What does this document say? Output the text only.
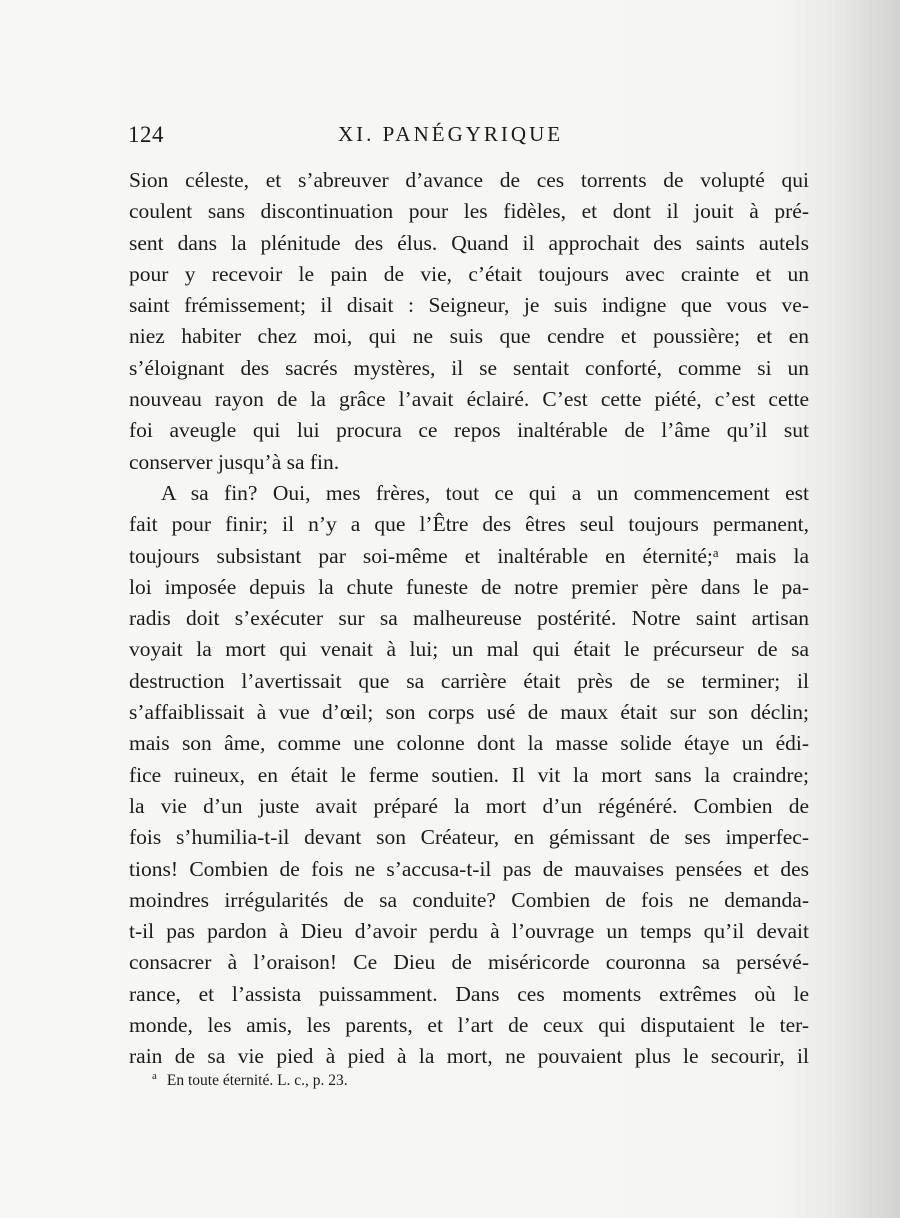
124	XI. PANÉGYRIQUE
Sion céleste, et s’abreuver d’avance de ces torrents de volupté qui
coulent sans discontinuation pour les fidèles, et dont il jouit à pré-
sent dans la plénitude des élus. Quand il approchait des saints autels
pour y recevoir le pain de vie, c’était toujours avec crainte et un
saint frémissement; il disait : Seigneur, je suis indigne que vous ve-
niez habiter chez moi, qui ne suis que cendre et poussière; et en
s’éloignant des sacrés mystères, il se sentait conforté, comme si un
nouveau rayon de la grâce l’avait éclairé. C’est cette piété, c’est cette
foi aveugle qui lui procura ce repos inaltérable de l’âme qu’il sut
conserver jusqu’à sa fin.
A sa fin? Oui, mes frères, tout ce qui a un commencement est
fait pour finir; il n’y a que l’Être des êtres seul toujours permanent,
toujours subsistant par soi-même et inaltérable en éternité;ᵃ mais la
loi imposée depuis la chute funeste de notre premier père dans le pa-
radis doit s’exécuter sur sa malheureuse postérité. Notre saint artisan
voyait la mort qui venait à lui; un mal qui était le précurseur de sa
destruction l’avertissait que sa carrière était près de se terminer; il
s’affaiblissait à vue d’œil; son corps usé de maux était sur son déclin;
mais son âme, comme une colonne dont la masse solide étaye un édi-
fice ruineux, en était le ferme soutien. Il vit la mort sans la craindre;
la vie d’un juste avait préparé la mort d’un régénéré. Combien de
fois s’humilia-t-il devant son Créateur, en gémissant de ses imperfec-
tions! Combien de fois ne s’accusa-t-il pas de mauvaises pensées et des
moindres irrégularités de sa conduite? Combien de fois ne demanda-
t-il pas pardon à Dieu d’avoir perdu à l’ouvrage un temps qu’il devait
consacrer à l’oraison! Ce Dieu de miséricorde couronna sa persévé-
rance, et l’assista puissamment. Dans ces moments extrêmes où le
monde, les amis, les parents, et l’art de ceux qui disputaient le ter-
rain de sa vie pied à pied à la mort, ne pouvaient plus le secourir, il
$^a$ En toute éternité. L. c., p. 23.
